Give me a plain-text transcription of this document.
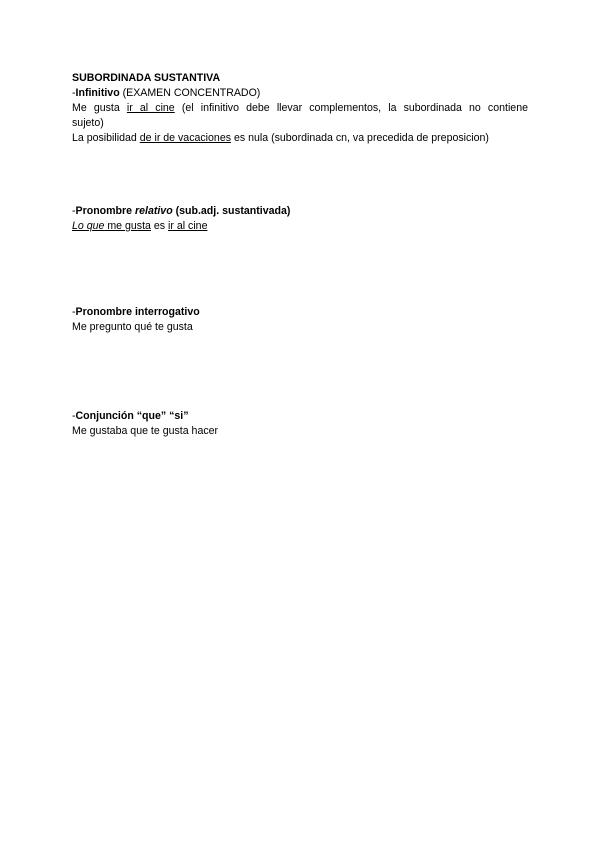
SUBORDINADA SUSTANTIVA
-Infinitivo (EXAMEN CONCENTRADO)
Me gusta ir al cine (el infinitivo debe llevar complementos, la subordinada no contiene
sujeto)
La posibilidad de ir de vacaciones es nula (subordinada cn, va precedida de preposicion)
-Pronombre relativo (sub.adj. sustantivada)
Lo que me gusta es ir al cine
-Pronombre interrogativo
Me pregunto qué te gusta
-Conjunción “que” “si”
Me gustaba que te gusta hacer
